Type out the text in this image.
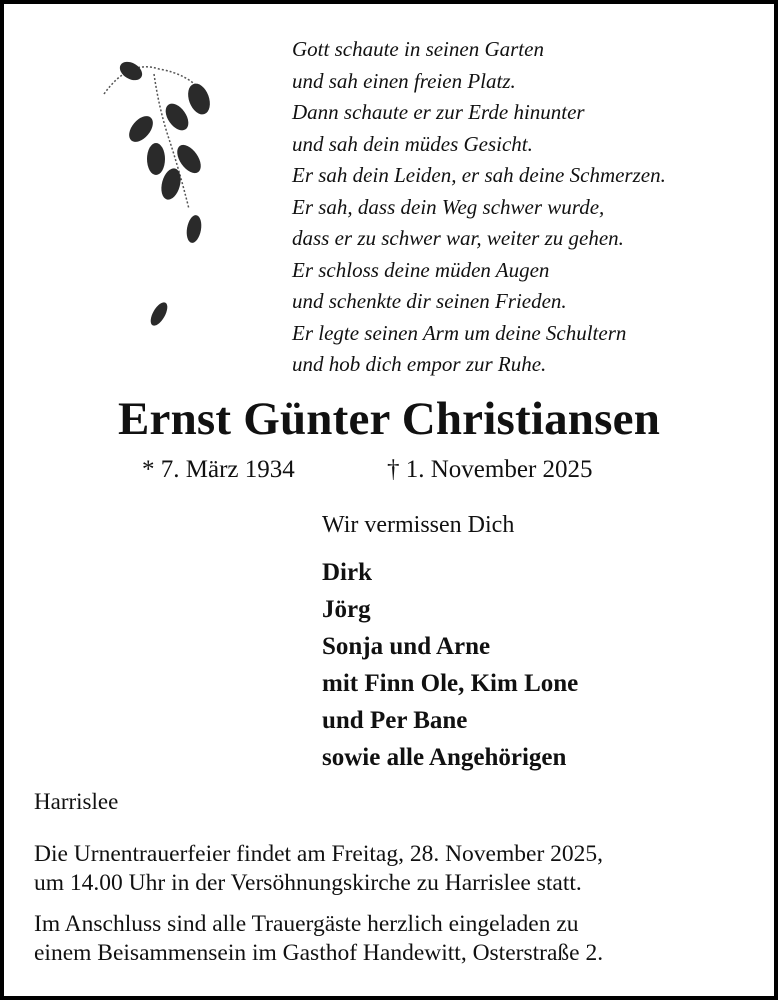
Gott schaute in seinen Garten
und sah einen freien Platz.
Dann schaute er zur Erde hinunter
und sah dein müdes Gesicht.
Er sah dein Leiden, er sah deine Schmerzen.
Er sah, dass dein Weg schwer wurde,
dass er zu schwer war, weiter zu gehen.
Er schloss deine müden Augen
und schenkte dir seinen Frieden.
Er legte seinen Arm um deine Schultern
und hob dich empor zur Ruhe.
Ernst Günter Christiansen
* 7. März 1934	† 1. November 2025
Wir vermissen Dich
Dirk
Jörg
Sonja und Arne
mit Finn Ole, Kim Lone
und Per Bane
sowie alle Angehörigen
Harrislee
Die Urnentrauerfeier findet am Freitag, 28. November 2025,
um 14.00 Uhr in der Versöhnungskirche zu Harrislee statt.
Im Anschluss sind alle Trauergäste herzlich eingeladen zu
einem Beisammensein im Gasthof Handewitt, Osterstraße 2.
